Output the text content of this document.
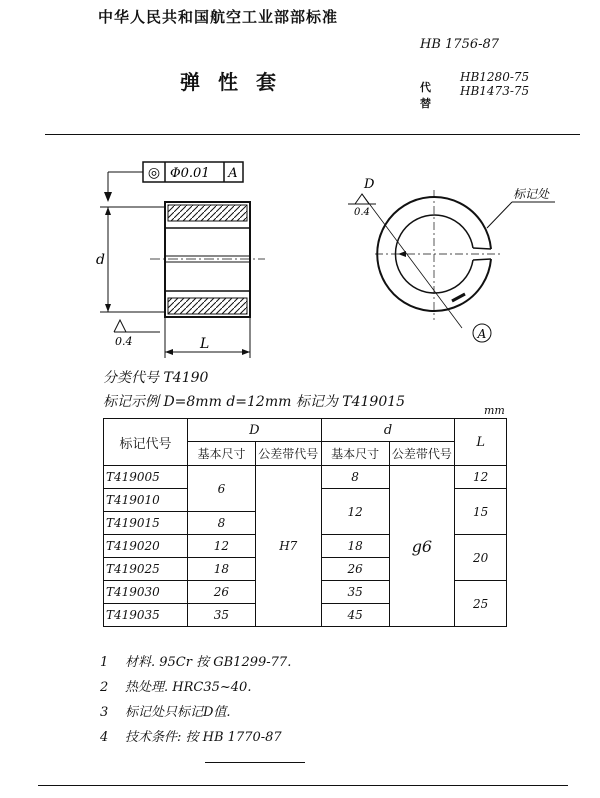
中华人民共和国航空工业部部标准
HB 1756-87
弹性套	代替
HB1280-75
HB1473-75
◎ Φ0.01 A
d
L
0.4
D
0.4
标记处
A
分类代号 T4190
标记示例 D=8mm d=12mm 标记为 T419015
mm
标记代号	D		d		L
	基本尺寸	公差带代号	基本尺寸	公差带代号	
T419005	6	H7	8	g6	12
T419010			12		15
T419015	8				
T419020	12		18		20
T419025	18		26		
T419030	26		35		25
T419035	35		45		
1 材料. 95Cr 按 GB1299-77.
2 热处理. HRC35~40.
3 标记处只标记D值.
4 技术条件: 按 HB 1770-87
